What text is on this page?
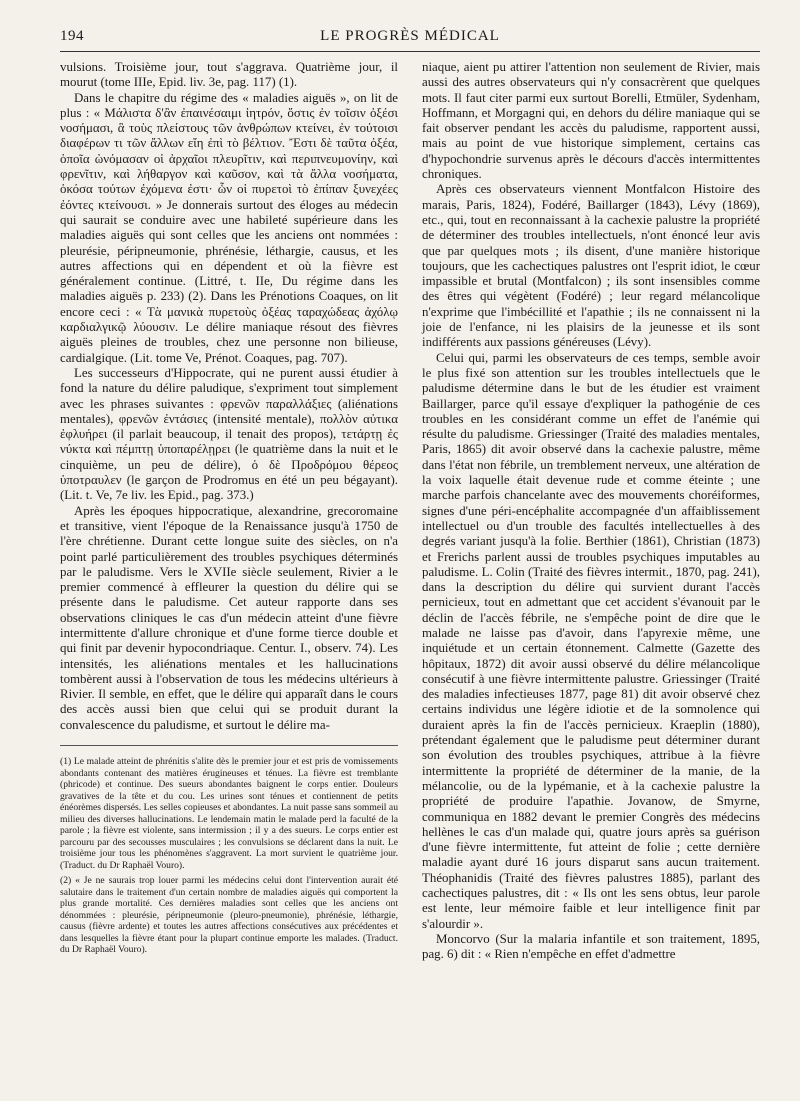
194	LE PROGRÈS MÉDICAL

vulsions. Troisième jour, tout s'aggrava. Quatrième jour, il mourut (tome IIIe, Epid. liv. 3e, pag. 117) (1).

Dans le chapitre du régime des « maladies aiguës », on lit de plus : « Μάλιστα δ'ἂν ἐπαινέσαιμι ἰητρόν, ὅστις ἐν τοῖσιν ὀξέσι νοσήμασι, ἃ τοὺς πλείστους τῶν ἀνθρώπων κτείνει, ἐν τούτοισι διαφέρων τι τῶν ἄλλων εἴη ἐπὶ τὸ βέλτιον. Ἔστι δὲ ταῦτα ὀξέα, ὁποῖα ὠνόμασαν οἱ ἀρχαῖοι πλευρῖτιν, καὶ περιπνευμονίην, καὶ φρενῖτιν, καὶ λήθαργον καὶ καῦσον, καὶ τὰ ἄλλα νοσήματα, ὁκόσα τούτων ἐχόμενα ἐστι· ὧν οἱ πυρετοὶ τὸ ἐπίπαν ξυνεχέες ἐόντες κτείνουσι. » Je donnerais surtout des éloges au médecin qui saurait se conduire avec une habileté supérieure dans les maladies aiguës qui sont celles que les anciens ont nommées : pleurésie, péripneumonie, phrénésie, léthargie, causus, et les autres affections qui en dépendent et où la fièvre est généralement continue. (Littré, t. IIe, Du régime dans les maladies aiguës p. 233) (2). Dans les Prénotions Coaques, on lit encore ceci : « Τὰ μανικὰ πυρετοὺς ὀξέας ταραχώδεας ἀχόλῳ καρδιαλγικῷ λύουσιν. Le délire maniaque résout des fièvres aiguës pleines de troubles, chez une personne non bilieuse, cardialgique. (Lit. tome Ve, Prénot. Coaques, pag. 707).

Les successeurs d'Hippocrate, qui ne purent aussi étudier à fond la nature du délire paludique, s'expriment tout simplement avec les phrases suivantes : φρενῶν παραλλάξιες (aliénations mentales), φρενῶν ἐντάσιες (intensité mentale), πολλὸν αὐτικα ἐφλυήρει (il parlait beaucoup, il tenait des propos), τετάρτῃ ἐς νύκτα καὶ πέμπτῃ ὑποπαρέλῃρει (le quatrième dans la nuit et le cinquième, un peu de délire), ὁ δὲ Προδρόμου θέρεος ὑποτραυλεν (le garçon de Prodromus en été un peu bégayant). (Lit. t. Ve, 7e liv. les Epid., pag. 373.)

Après les époques hippocratique, alexandrine, grecoromaine et transitive, vient l'époque de la Renaissance jusqu'à 1750 de l'ère chrétienne. Durant cette longue suite des siècles, on n'a point parlé particulièrement des troubles psychiques déterminés par le paludisme. Vers le XVIIe siècle seulement, Rivier a le premier commencé à effleurer la question du délire qui se présente dans le paludisme. Cet auteur rapporte dans ses observations cliniques le cas d'un médecin atteint d'une fièvre intermittente d'allure chronique et d'une forme tierce double et qui finit par devenir hypocondriaque. Centur. I., observ. 74). Les intensités, les aliénations mentales et les hallucinations tombèrent aussi à l'observation de tous les médecins ultérieurs à Rivier. Il semble, en effet, que le délire qui apparaît dans le cours des accès aussi bien que celui qui se produit durant la convalescence du paludisme, et surtout le délire ma-

(1) Le malade atteint de phrénitis s'alite dès le premier jour et est pris de vomissements abondants contenant des matières érugineuses et ténues. La fièvre est tremblante (phricode) et continue. Des sueurs abondantes baignent le corps entier. Douleurs gravatives de la tête et du cou. Les urines sont ténues et contiennent de petits énéorèmes dispersés. Les selles copieuses et abondantes. La nuit passe sans sommeil au milieu des diverses hallucinations. Le lendemain matin le malade perd la faculté de la parole ; la fièvre est violente, sans intermission ; il y a des sueurs. Le corps entier est parcouru par des secousses musculaires ; les convulsions se déclarent dans la nuit. Le troisième jour tous les phénomènes s'aggravent. La mort survient le quatrième jour. (Traduct. du Dr Raphaël Vouro).

(2) « Je ne saurais trop louer parmi les médecins celui dont l'intervention aurait été salutaire dans le traitement d'un certain nombre de maladies aiguës qui comportent la plus grande mortalité. Ces dernières maladies sont celles que les anciens ont dénommées : pleurésie, péripneumonie (pleuro-pneumonie), phrénésie, léthargie, causus (fièvre ardente) et toutes les autres affections consécutives aux précédentes et dans lesquelles la fièvre étant pour la plupart continue emporte les malades. (Traduct. du Dr Raphaël Vouro).

niaque, aient pu attirer l'attention non seulement de Rivier, mais aussi des autres observateurs qui n'y consacrèrent que quelques mots. Il faut citer parmi eux surtout Borelli, Etmüler, Sydenham, Hoffmann, et Morgagni qui, en dehors du délire maniaque qui se fait observer pendant les accès du paludisme, rapportent aussi, mais au point de vue historique simplement, certains cas d'hypochondrie survenus après le décours d'accès intermittentes chroniques.

Après ces observateurs viennent Montfalcon Histoire des marais, Paris, 1824), Fodéré, Baillarger (1843), Lévy (1869), etc., qui, tout en reconnaissant à la cachexie palustre la propriété de déterminer des troubles intellectuels, n'ont énoncé leur avis que par quelques mots ; ils disent, d'une manière historique toujours, que les cachectiques palustres ont l'esprit idiot, le cœur impassible et brutal (Montfalcon) ; ils sont insensibles comme des êtres qui végètent (Fodéré) ; leur regard mélancolique n'exprime que l'imbécillité et l'apathie ; ils ne connaissent ni la joie de l'enfance, ni les plaisirs de la jeunesse et ils sont indifférents aux passions généreuses (Lévy).

Celui qui, parmi les observateurs de ces temps, semble avoir le plus fixé son attention sur les troubles intellectuels que le paludisme détermine dans le but de les étudier est vraiment Baillarger, parce qu'il essaye d'expliquer la pathogénie de ces troubles en les considérant comme un effet de l'anémie qui résulte du paludisme. Griessinger (Traité des maladies mentales, Paris, 1865) dit avoir observé dans la cachexie palustre, même dans l'état non fébrile, un tremblement nerveux, une altération de la voix laquelle était devenue rude et comme éteinte ; une marche parfois chancelante avec des mouvements choréiformes, signes d'une péri-encéphalite accompagnée d'un affaiblissement intellectuel ou d'un trouble des facultés intellectuelles à des degrés variant jusqu'à la folie. Berthier (1861), Christian (1873) et Frerichs parlent aussi de troubles psychiques imputables au paludisme. L. Colin (Traité des fièvres intermit., 1870, pag. 241), dans la description du délire qui survient durant l'accès pernicieux, tout en admettant que cet accident s'évanouit par le déclin de l'accès fébrile, ne s'empêche point de dire que le malade ne laisse pas d'avoir, dans l'apyrexie même, une inquiétude et un certain étonnement. Calmette (Gazette des hôpitaux, 1872) dit avoir aussi observé du délire mélancolique consécutif à une fièvre intermittente palustre. Griessinger (Traité des maladies infectieuses 1877, page 81) dit avoir observé chez certains individus une légère idiotie et de la somnolence qui duraient après la fin de l'accès pernicieux. Kraeplin (1880), prétendant également que le paludisme peut déterminer durant son évolution des troubles psychiques, attribue à la fièvre intermittente la propriété de déterminer de la manie, de la mélancolie, ou de la lypémanie, et à la cachexie palustre la propriété de produire l'apathie. Jovanow, de Smyrne, communiqua en 1882 devant le premier Congrès des médecins hellènes le cas d'un malade qui, quatre jours après sa guérison d'une fièvre intermittente, fut atteint de folie ; cette dernière maladie ayant duré 16 jours disparut sans aucun traitement. Théophanidis (Traité des fièvres palustres 1885), parlant des cachectiques palustres, dit : « Ils ont les sens obtus, leur parole est lente, leur mémoire faible et leur intelligence finit par s'alourdir ».

Moncorvo (Sur la malaria infantile et son traitement, 1895, pag. 6) dit : « Rien n'empêche en effet d'admettre
